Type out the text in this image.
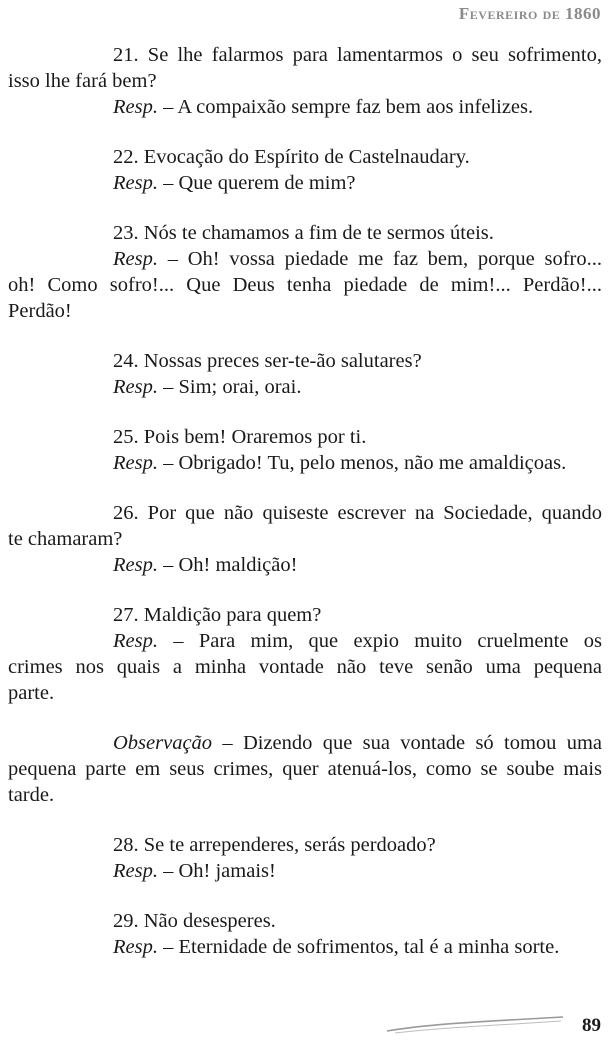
Fevereiro de 1860
21. Se lhe falarmos para lamentarmos o seu sofrimento,
isso lhe fará bem?
Resp. – A compaixão sempre faz bem aos infelizes.
22. Evocação do Espírito de Castelnaudary.
Resp. – Que querem de mim?
23. Nós te chamamos a fim de te sermos úteis.
Resp. – Oh! vossa piedade me faz bem, porque sofro...
oh! Como sofro!... Que Deus tenha piedade de mim!... Perdão!...
Perdão!
24. Nossas preces ser-te-ão salutares?
Resp. – Sim; orai, orai.
25. Pois bem! Oraremos por ti.
Resp. – Obrigado! Tu, pelo menos, não me amaldiçoas.
26. Por que não quiseste escrever na Sociedade, quando
te chamaram?
Resp. – Oh! maldição!
27. Maldição para quem?
Resp. – Para mim, que expio muito cruelmente os
crimes nos quais a minha vontade não teve senão uma pequena
parte.
Observação – Dizendo que sua vontade só tomou uma
pequena parte em seus crimes, quer atenuá-los, como se soube mais
tarde.
28. Se te arrependeres, serás perdoado?
Resp. – Oh! jamais!
29. Não desesperes.
Resp. – Eternidade de sofrimentos, tal é a minha sorte.
89
